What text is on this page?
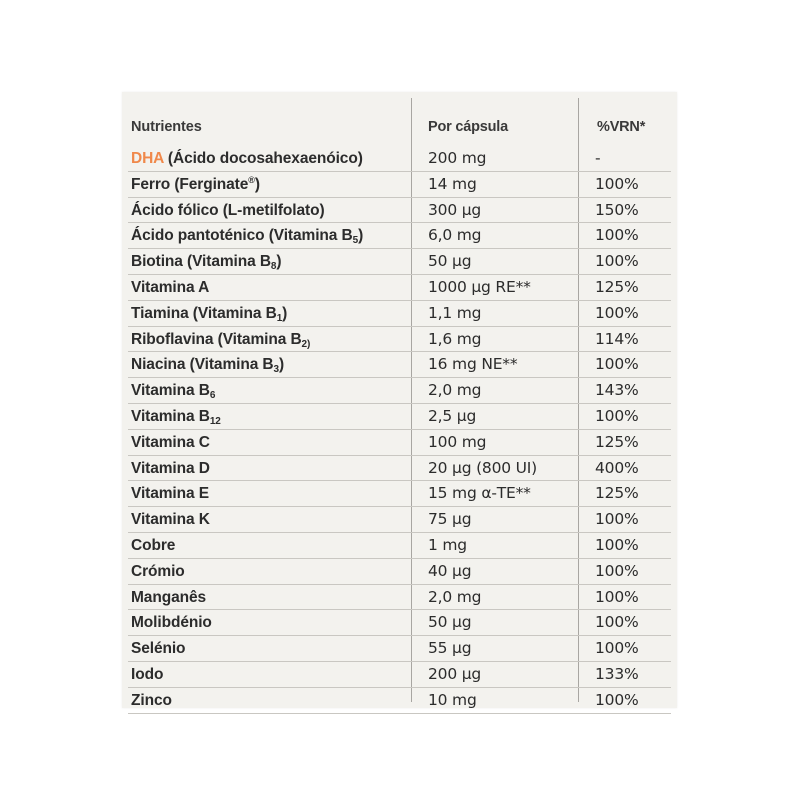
Nutrientes	Por cápsula	%VRN*
DHA (Ácido docosahexaenóico)	200 mg	-
Ferro (Ferginate®)	14 mg	100%
Ácido fólico (L-metilfolato)	300 µg	150%
Ácido pantoténico (Vitamina $B_5$)	6,0 mg	100%
Biotina (Vitamina $B_8$)	50 µg	100%
Vitamina A	1000 µg RE**	125%
Tiamina (Vitamina $B_1$)	1,1 mg	100%
Riboflavina (Vitamina $B_{2)}$	1,6 mg	114%
Niacina (Vitamina $B_3$)	16 mg NE**	100%
Vitamina $B_6$	2,0 mg	143%
Vitamina $B_{12}$	2,5 µg	100%
Vitamina C	100 mg	125%
Vitamina D	20 µg (800 UI)	400%
Vitamina E	15 mg α-TE**	125%
Vitamina K	75 µg	100%
Cobre	1 mg	100%
Crómio	40 µg	100%
Manganês	2,0 mg	100%
Molibdénio	50 µg	100%
Selénio	55 µg	100%
Iodo	200 µg	133%
Zinco	10 mg	100%
